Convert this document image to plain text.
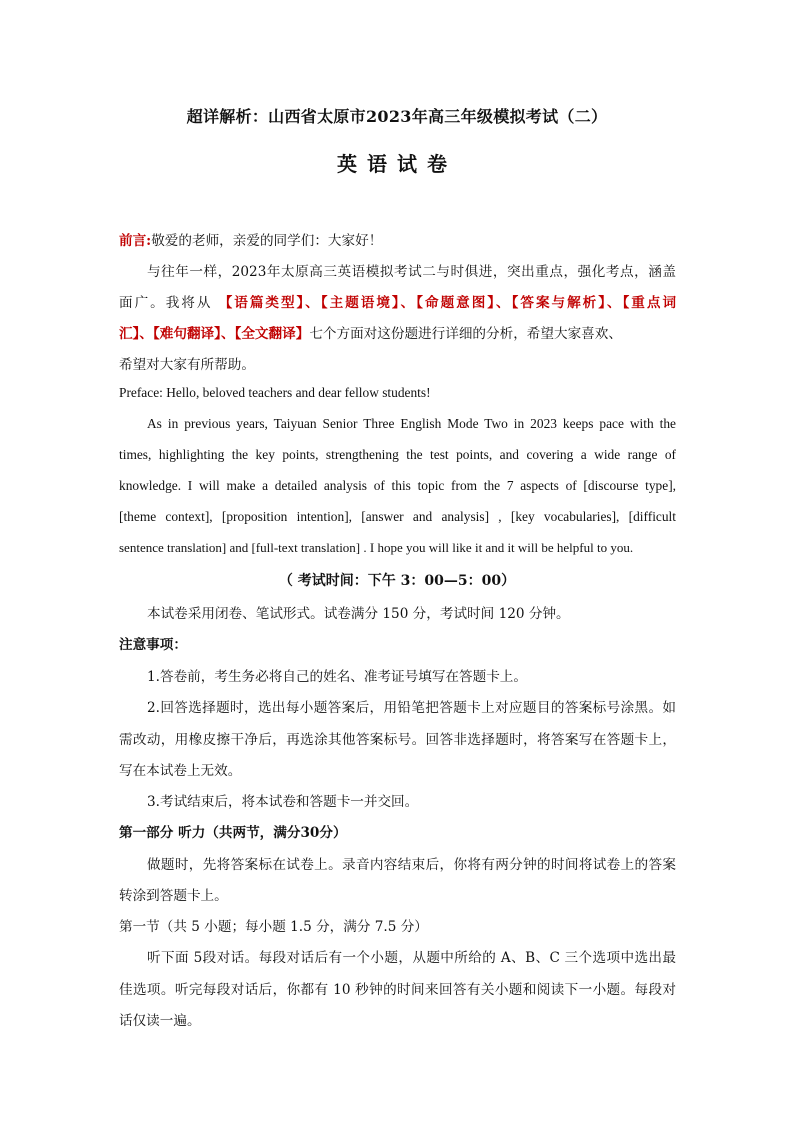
超详解析：山西省太原市2023年高三年级模拟考试（二）
英语试卷
前言:敬爱的老师，亲爱的同学们：大家好！
与往年一样，2023年太原高三英语模拟考试二与时俱进，突出重点，强化考点，涵盖
面广。我将从 【语篇类型】、【主题语境】、【命题意图】、【答案与解析】、【重点词
汇】、【难句翻译】、【全文翻译】七个方面对这份题进行详细的分析，希望大家喜欢、
希望对大家有所帮助。
Preface: Hello, beloved teachers and dear fellow students!
As in previous years, Taiyuan Senior Three English Mode Two in 2023 keeps pace with the
times, highlighting the key points, strengthening the test points, and covering a wide range of
knowledge. I will make a detailed analysis of this topic from the 7 aspects of [discourse type],
[theme context], [proposition intention], [answer and analysis] , [key vocabularies], [difficult
sentence translation] and [full-text translation] . I hope you will like it and it will be helpful to you.
（ 考试时间：下午 3：00—5：00）
本试卷采用闭卷、笔试形式。试卷满分 150 分，考试时间 120 分钟。
注意事项：
1.答卷前，考生务必将自己的姓名、准考证号填写在答题卡上。
2.回答选择题时，选出每小题答案后，用铅笔把答题卡上对应题目的答案标号涂黑。如
需改动，用橡皮擦干净后，再选涂其他答案标号。回答非选择题时，将答案写在答题卡上，
写在本试卷上无效。
3.考试结束后，将本试卷和答题卡一并交回。
第一部分 听力（共两节，满分30分）
做题时，先将答案标在试卷上。录音内容结束后，你将有两分钟的时间将试卷上的答案
转涂到答题卡上。
第一节（共 5 小题；每小题 1.5 分，满分 7.5 分）
听下面 5段对话。每段对话后有一个小题，从题中所给的 A、B、C 三个选项中选出最
佳选项。听完每段对话后，你都有 10 秒钟的时间来回答有关小题和阅读下一小题。每段对
话仅读一遍。
